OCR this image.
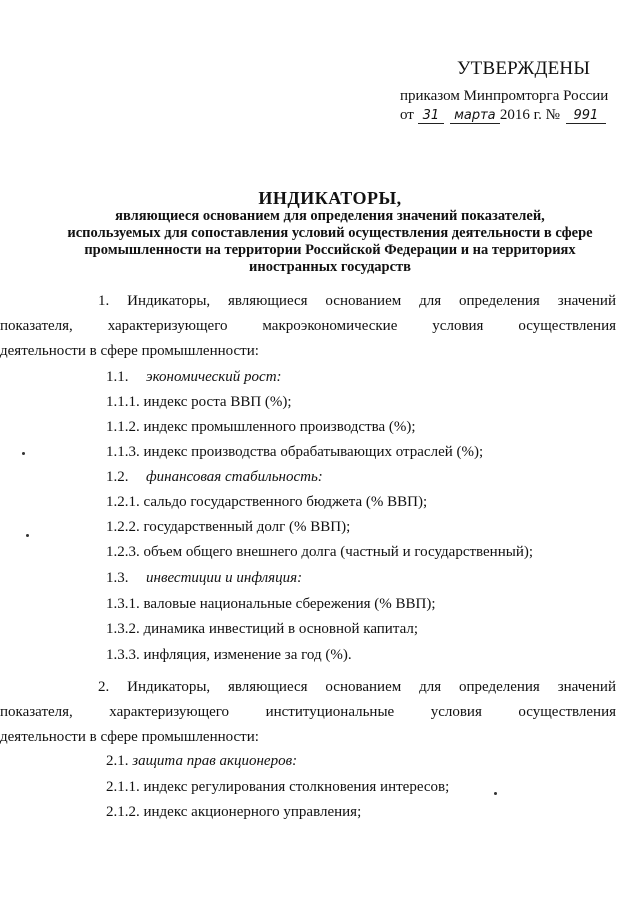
УТВЕРЖДЕНЫ
приказом Минпромторга России
от 31 марта 2016 г. № 991
ИНДИКАТОРЫ,
являющиеся основанием для определения значений показателей,
используемых для сопоставления условий осуществления деятельности в сфере
промышленности на территории Российской Федерации и на территориях
иностранных государств
1. Индикаторы, являющиеся основанием для определения значений
показателя, характеризующего макроэкономические условия осуществления
деятельности в сфере промышленности:
1.1. экономический рост:
1.1.1. индекс роста ВВП (%);
1.1.2. индекс промышленного производства (%);
1.1.3. индекс производства обрабатывающих отраслей (%);
1.2. финансовая стабильность:
1.2.1. сальдо государственного бюджета (% ВВП);
1.2.2. государственный долг (% ВВП);
1.2.3. объем общего внешнего долга (частный и государственный);
1.3. инвестиции и инфляция:
1.3.1. валовые национальные сбережения (% ВВП);
1.3.2. динамика инвестиций в основной капитал;
1.3.3. инфляция, изменение за год (%).
2. Индикаторы, являющиеся основанием для определения значений
показателя, характеризующего институциональные условия осуществления
деятельности в сфере промышленности:
2.1. защита прав акционеров:
2.1.1. индекс регулирования столкновения интересов;
2.1.2. индекс акционерного управления;
